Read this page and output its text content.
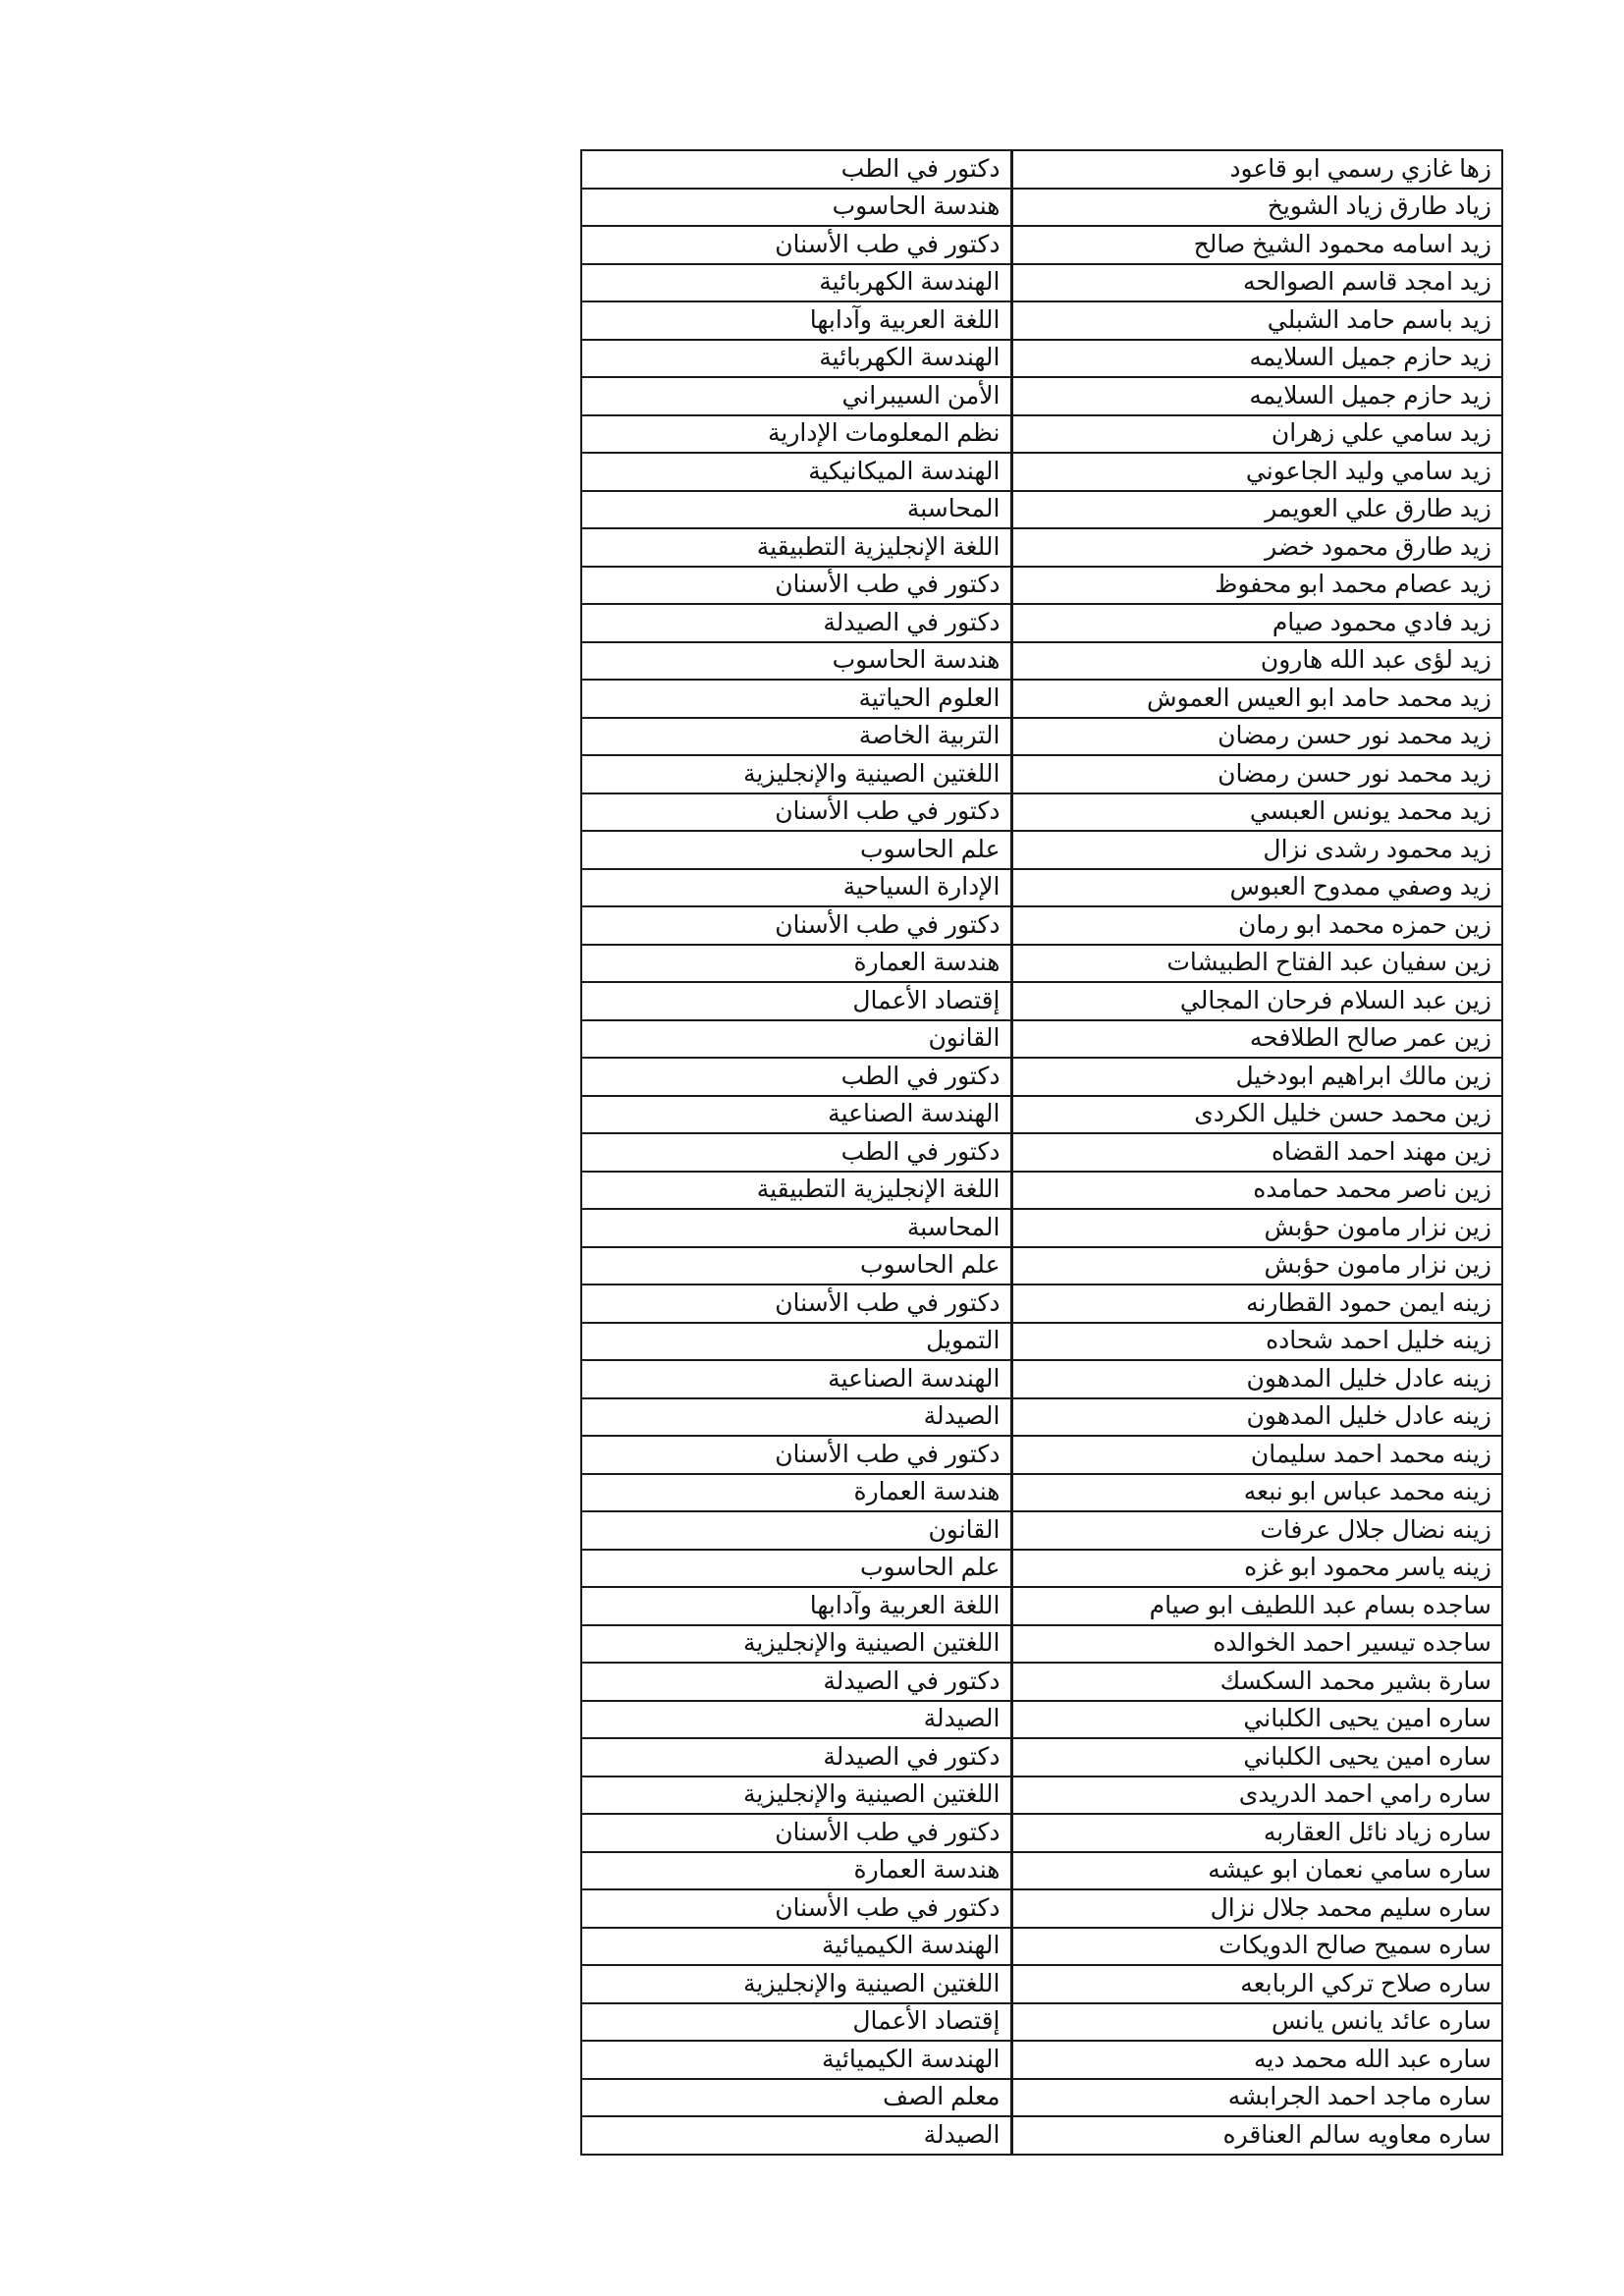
زها غازي رسمي ابو قاعود	دكتور في الطب
زياد طارق زياد الشويخ	هندسة الحاسوب
زيد اسامه محمود الشيخ صالح	دكتور في طب الأسنان
زيد امجد قاسم الصوالحه	الهندسة الكهربائية
زيد باسم حامد الشبلي	اللغة العربية وآدابها
زيد حازم جميل السلايمه	الهندسة الكهربائية
زيد حازم جميل السلايمه	الأمن السيبراني
زيد سامي علي زهران	نظم المعلومات الإدارية
زيد سامي وليد الجاعوني	الهندسة الميكانيكية
زيد طارق علي العويمر	المحاسبة
زيد طارق محمود خضر	اللغة الإنجليزية التطبيقية
زيد عصام محمد ابو محفوظ	دكتور في طب الأسنان
زيد فادي محمود صيام	دكتور في الصيدلة
زيد لؤى عبد الله هارون	هندسة الحاسوب
زيد محمد حامد ابو العيس العموش	العلوم الحياتية
زيد محمد نور حسن رمضان	التربية الخاصة
زيد محمد نور حسن رمضان	اللغتين الصينية والإنجليزية
زيد محمد يونس العبسي	دكتور في طب الأسنان
زيد محمود رشدى نزال	علم الحاسوب
زيد وصفي ممدوح العبوس	الإدارة السياحية
زين حمزه محمد ابو رمان	دكتور في طب الأسنان
زين سفيان عبد الفتاح الطبيشات	هندسة العمارة
زين عبد السلام فرحان المجالي	إقتصاد الأعمال
زين عمر صالح الطلافحه	القانون
زين مالك ابراهيم ابودخيل	دكتور في الطب
زين محمد حسن خليل الكردى	الهندسة الصناعية
زين مهند احمد القضاه	دكتور في الطب
زين ناصر محمد حمامده	اللغة الإنجليزية التطبيقية
زين نزار مامون حؤبش	المحاسبة
زين نزار مامون حؤبش	علم الحاسوب
زينه ايمن حمود القطارنه	دكتور في طب الأسنان
زينه خليل احمد شحاده	التمويل
زينه عادل خليل المدهون	الهندسة الصناعية
زينه عادل خليل المدهون	الصيدلة
زينه محمد احمد سليمان	دكتور في طب الأسنان
زينه محمد عباس ابو نبعه	هندسة العمارة
زينه نضال جلال عرفات	القانون
زينه ياسر محمود ابو غزه	علم الحاسوب
ساجده بسام عبد اللطيف ابو صيام	اللغة العربية وآدابها
ساجده تيسير احمد الخوالده	اللغتين الصينية والإنجليزية
سارة بشير محمد السكسك	دكتور في الصيدلة
ساره امين يحيى الكلباني	الصيدلة
ساره امين يحيى الكلباني	دكتور في الصيدلة
ساره رامي احمد الدريدى	اللغتين الصينية والإنجليزية
ساره زياد نائل العقاربه	دكتور في طب الأسنان
ساره سامي نعمان ابو عيشه	هندسة العمارة
ساره سليم محمد جلال نزال	دكتور في طب الأسنان
ساره سميح صالح الدويكات	الهندسة الكيميائية
ساره صلاح تركي الربابعه	اللغتين الصينية والإنجليزية
ساره عائد يانس يانس	إقتصاد الأعمال
ساره عبد الله محمد ديه	الهندسة الكيميائية
ساره ماجد احمد الجرابشه	معلم الصف
ساره معاويه سالم العناقره	الصيدلة
